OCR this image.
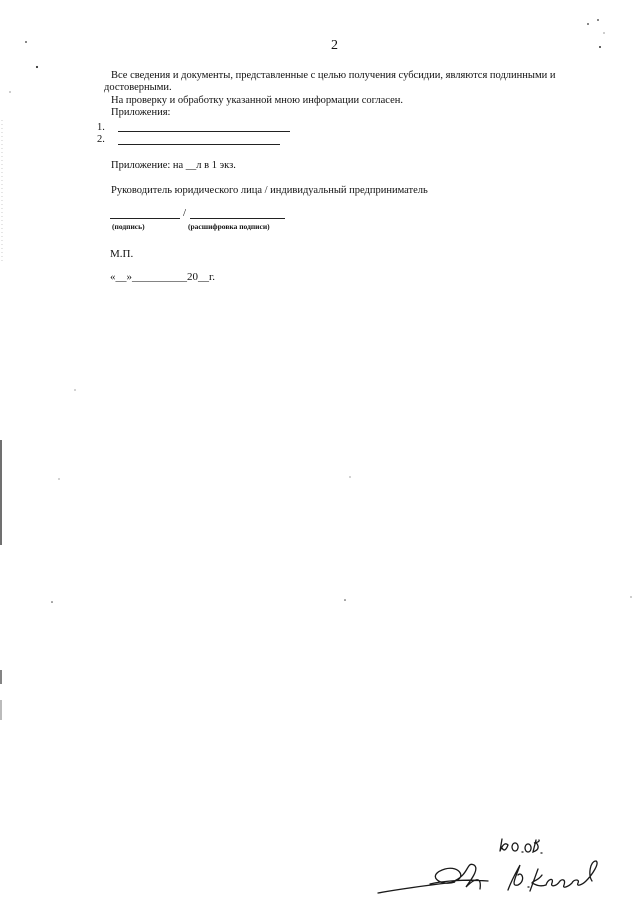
2
Все сведения и документы, представленные с целью получения субсидии, являются подлинными и
достоверными.
На проверку и обработку указанной мною информации согласен.
Приложения:
1.
2.
Приложение: на __л в 1 экз.
Руководитель юридического лица / индивидуальный предприниматель
/
(подпись)	(расшифровка подписи)
М.П.
«__»__________20__г.
